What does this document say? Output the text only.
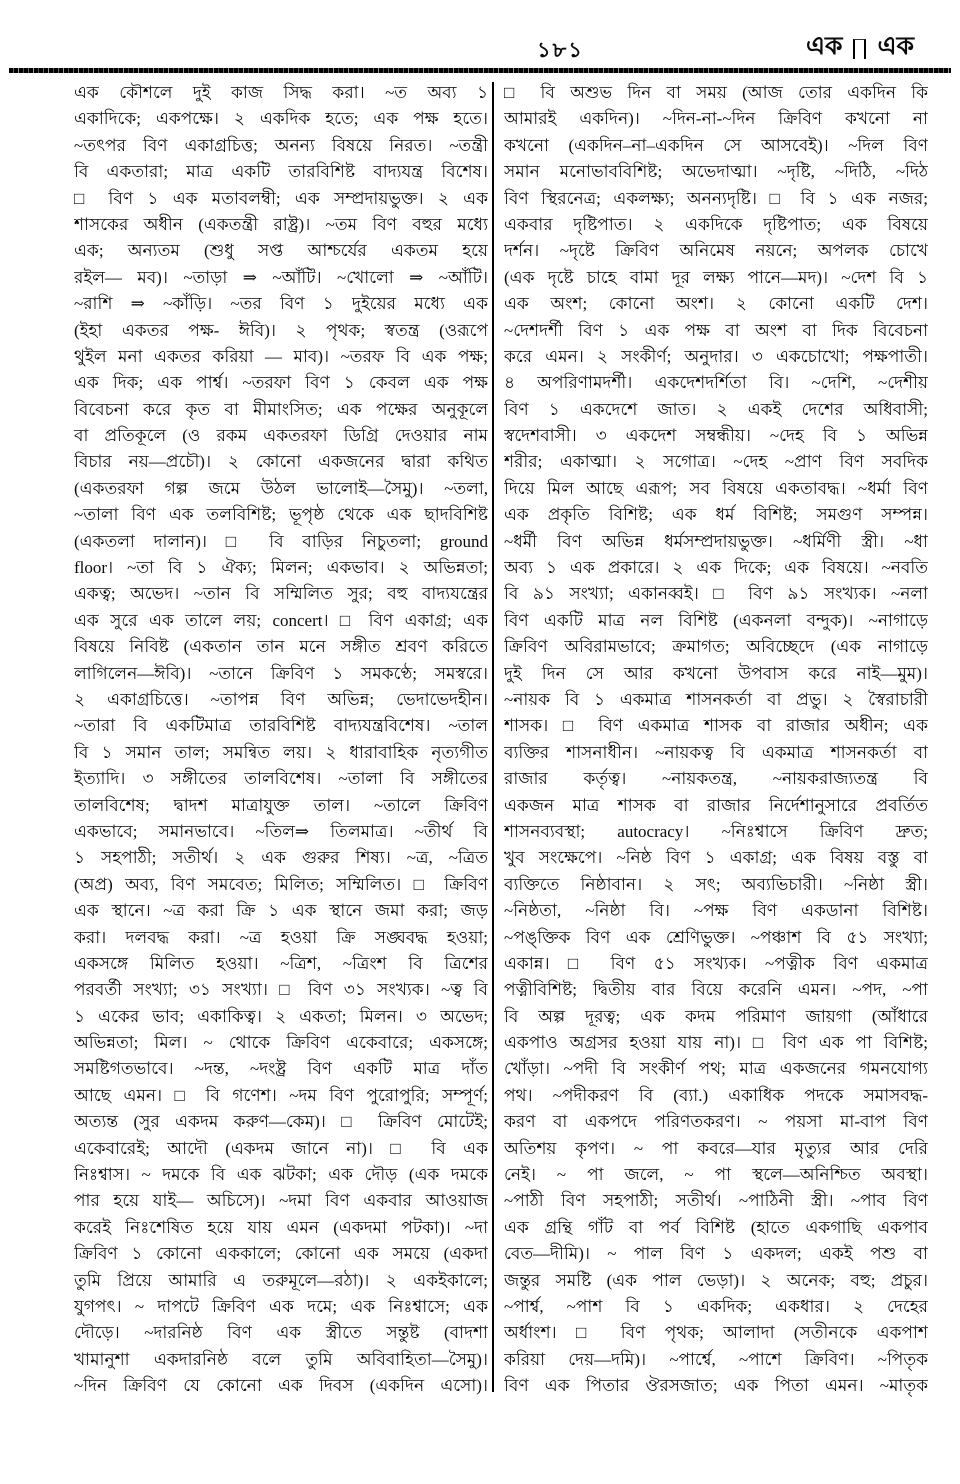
১৮১	এক এক
এক কৌশলে দুই কাজ সিদ্ধ করা। ~ত অব্য ১
একাদিকে; একপক্ষে। ২ একদিক হতে; এক পক্ষ হতে।
~তৎপর বিণ একাগ্রচিত্ত; অনন্য বিষয়ে নিরত। ~তন্ত্রী
বি একতারা; মাত্র একটি তারবিশিষ্ট বাদ্যযন্ত্র বিশেষ।
□ বিণ ১ এক মতাবলম্বী; এক সম্প্রদায়ভুক্ত। ২ এক
শাসকের অধীন (একতন্ত্রী রাষ্ট্র)। ~তম বিণ বহুর মধ্যে
এক; অন্যতম (শুধু সপ্ত আশ্চর্যের একতম হয়ে
রইল— মব)। ~তাড়া ⇒ ~আঁটি। ~খোলো ⇒ ~আঁটি।
~রাশি ⇒ ~কাঁড়ি। ~তর বিণ ১ দুইয়ের মধ্যে এক
(ইহা একতর পক্ষ- ঈবি)। ২ পৃথক; স্বতন্ত্র (ওরূপে
থুইল মনা একতর করিয়া — মাব)। ~তরফ বি এক পক্ষ;
এক দিক; এক পার্শ্ব। ~তরফা বিণ ১ কেবল এক পক্ষ
বিবেচনা করে কৃত বা মীমাংসিত; এক পক্ষের অনুকূলে
বা প্রতিকূলে (ও রকম একতরফা ডিগ্রি দেওয়ার নাম
বিচার নয়—প্রচৌ)। ২ কোনো একজনের দ্বারা কথিত
(একতরফা গল্প জমে উঠল ভালোই—সৈমু)। ~তলা,
~তালা বিণ এক তলবিশিষ্ট; ভূপৃষ্ঠ থেকে এক ছাদবিশিষ্ট
(একতলা দালান)। □ বি বাড়ির নিচুতলা; ground
floor। ~তা বি ১ ঐক্য; মিলন; একভাব। ২ অভিন্নতা;
একত্ব; অভেদ। ~তান বি সম্মিলিত সুর; বহু বাদ্যযন্ত্রের
এক সুরে এক তালে লয়; concert। □ বিণ একাগ্র; এক
বিষয়ে নিবিষ্ট (একতান তান মনে সঙ্গীত শ্রবণ করিতে
লাগিলেন—ঈবি)। ~তানে ক্রিবিণ ১ সমকণ্ঠে; সমস্বরে।
২ একাগ্রচিত্তে। ~তাপন্ন বিণ অভিন্ন; ভেদাভেদহীন।
~তারা বি একটিমাত্র তারবিশিষ্ট বাদ্যযন্ত্রবিশেষ। ~তাল
বি ১ সমান তাল; সমন্বিত লয়। ২ ধারাবাহিক নৃত্যগীত
ইত্যাদি। ৩ সঙ্গীতের তালবিশেষ। ~তালা বি সঙ্গীতের
তালবিশেষ; দ্বাদশ মাত্রাযুক্ত তাল। ~তালে ক্রিবিণ
একভাবে; সমানভাবে। ~তিল⇒ তিলমাত্র। ~তীর্থ বি
১ সহপাঠী; সতীর্থ। ২ এক গুরুর শিষ্য। ~ত্র, ~ত্রিত
(অপ্র) অব্য, বিণ সমবেত; মিলিত; সম্মিলিত। □ ক্রিবিণ
এক স্থানে। ~ত্র করা ক্রি ১ এক স্থানে জমা করা; জড়
করা। দলবদ্ধ করা। ~ত্র হওয়া ক্রি সঙ্ঘবদ্ধ হওয়া;
একসঙ্গে মিলিত হওয়া। ~ত্রিশ, ~ত্রিংশ বি ত্রিশের
পরবর্তী সংখ্যা; ৩১ সংখ্যা। □ বিণ ৩১ সংখ্যক। ~ত্ব বি
১ একের ভাব; একাকিত্ব। ২ একতা; মিলন। ৩ অভেদ;
অভিন্নতা; মিল। ~ থোকে ক্রিবিণ একেবারে; একসঙ্গে;
সমষ্টিগতভাবে। ~দন্ত, ~দংষ্ট্র বিণ একটি মাত্র দাঁত
আছে এমন। □ বি গণেশ। ~দম বিণ পুরোপুরি; সম্পূর্ণ;
অত্যন্ত (সুর একদম করুণ—কেম)। □ ক্রিবিণ মোটেই;
একেবারেই; আদৌ (একদম জানে না)। □ বি এক
নিঃশ্বাস। ~ দমকে বি এক ঝটকা; এক দৌড় (এক দমকে
পার হয়ে যাই— অচিসে)। ~দমা বিণ একবার আওয়াজ
করেই নিঃশেষিত হয়ে যায় এমন (একদমা পটকা)। ~দা
ক্রিবিণ ১ কোনো এককালে; কোনো এক সময়ে (একদা
তুমি প্রিয়ে আমারি এ তরুমূলে—রঠা)। ২ একইকালে;
যুগপৎ। ~ দাপটে ক্রিবিণ এক দমে; এক নিঃশ্বাসে; এক
দৌড়ে। ~দারনিষ্ঠ বিণ এক স্ত্রীতে সন্তুষ্ট (বাদশা
খামানুশা একদারনিষ্ঠ বলে তুমি অবিবাহিতা—সৈমু)।
~দিন ক্রিবিণ যে কোনো এক দিবস (একদিন এসো)।
□ বি অশুভ দিন বা সময় (আজ তোর একদিন কি
আমারই একদিন)। ~দিন-না-~দিন ক্রিবিণ কখনো না
কখনো (একদিন–না–একদিন সে আসবেই)। ~দিল বিণ
সমান মনোভাববিশিষ্ট; অভেদাত্মা। ~দৃষ্টি, ~দিঠি, ~দিঠ
বিণ স্থিরনেত্র; একলক্ষ্য; অনন্যদৃষ্টি। □ বি ১ এক নজর;
একবার দৃষ্টিপাত। ২ একদিকে দৃষ্টিপাত; এক বিষয়ে
দর্শন। ~দৃষ্টে ক্রিবিণ অনিমেষ নয়নে; অপলক চোখে
(এক দৃষ্টে চাহে বামা দূর লক্ষ্য পানে—মদ)। ~দেশ বি ১
এক অংশ; কোনো অংশ। ২ কোনো একটি দেশ।
~দেশদর্শী বিণ ১ এক পক্ষ বা অংশ বা দিক বিবেচনা
করে এমন। ২ সংকীর্ণ; অনুদার। ৩ একচোখো; পক্ষপাতী।
৪ অপরিণামদর্শী। একদেশদর্শিতা বি। ~দেশি, ~দেশীয়
বিণ ১ একদেশে জাত। ২ একই দেশের অধিবাসী;
স্বদেশবাসী। ৩ একদেশ সম্বন্ধীয়। ~দেহ বি ১ অভিন্ন
শরীর; একাত্মা। ২ সগোত্র। ~দেহ ~প্রাণ বিণ সবদিক
দিয়ে মিল আছে এরূপ; সব বিষয়ে একতাবদ্ধ। ~ধর্মা বিণ
এক প্রকৃতি বিশিষ্ট; এক ধর্ম বিশিষ্ট; সমগুণ সম্পন্ন।
~ধর্মী বিণ অভিন্ন ধর্মসম্প্রদায়ভুক্ত। ~ধর্মিণী স্ত্রী। ~ধা
অব্য ১ এক প্রকারে। ২ এক দিকে; এক বিষয়ে। ~নবতি
বি ৯১ সংখ্যা; একানব্বই। □ বিণ ৯১ সংখ্যক। ~নলা
বিণ একটি মাত্র নল বিশিষ্ট (একনলা বন্দুক)। ~নাগাড়ে
ক্রিবিণ অবিরামভাবে; ক্রমাগত; অবিচ্ছেদে (এক নাগাড়ে
দুই দিন সে আর কখনো উপবাস করে নাই—মুম)।
~নায়ক বি ১ একমাত্র শাসনকর্তা বা প্রভু। ২ স্বৈরাচারী
শাসক। □ বিণ একমাত্র শাসক বা রাজার অধীন; এক
ব্যক্তির শাসনাধীন। ~নায়কত্ব বি একমাত্র শাসনকর্তা বা
রাজার কর্তৃত্ব। ~নায়কতন্ত্র, ~নায়করাজ্যতন্ত্র বি
একজন মাত্র শাসক বা রাজার নির্দেশানুসারে প্রবর্তিত
শাসনব্যবস্থা; autocracy। ~নিঃশ্বাসে ক্রিবিণ দ্রুত;
খুব সংক্ষেপে। ~নিষ্ঠ বিণ ১ একাগ্র; এক বিষয় বস্তু বা
ব্যক্তিতে নিষ্ঠাবান। ২ সৎ; অব্যভিচারী। ~নিষ্ঠা স্ত্রী।
~নিষ্ঠতা, ~নিষ্ঠা বি। ~পক্ষ বিণ একডানা বিশিষ্ট।
~পঙ্‌ক্তিক বিণ এক শ্রেণিভুক্ত। ~পঞ্চাশ বি ৫১ সংখ্যা;
একান্ন। □ বিণ ৫১ সংখ্যক। ~পত্নীক বিণ একমাত্র
পত্নীবিশিষ্ট; দ্বিতীয় বার বিয়ে করেনি এমন। ~পদ, ~পা
বি অল্প দূরত্ব; এক কদম পরিমাণ জায়গা (আঁধারে
একপাও অগ্রসর হওয়া যায় না)। □ বিণ এক পা বিশিষ্ট;
খোঁড়া। ~পদী বি সংকীর্ণ পথ; মাত্র একজনের গমনযোগ্য
পথ। ~পদীকরণ বি (ব্যা.) একাধিক পদকে সমাসবদ্ধ-
করণ বা একপদে পরিণতকরণ। ~ পয়সা মা-বাপ বিণ
অতিশয় কৃপণ। ~ পা কবরে—যার মৃত্যুর আর দেরি
নেই। ~ পা জলে, ~ পা স্থলে—অনিশ্চিত অবস্থা।
~পাঠী বিণ সহপাঠী; সতীর্থ। ~পাঠিনী স্ত্রী। ~পাব বিণ
এক গ্রন্থি গাঁট বা পর্ব বিশিষ্ট (হাতে একগাছি একপাব
বেত—দীমি)। ~ পাল বিণ ১ একদল; একই পশু বা
জন্তুর সমষ্টি (এক পাল ভেড়া)। ২ অনেক; বহু; প্রচুর।
~পার্শ্ব, ~পাশ বি ১ একদিক; একধার। ২ দেহের
অর্ধাংশ। □ বিণ পৃথক; আলাদা (সতীনকে একপাশ
করিয়া দেয়—দমি)। ~পার্শ্বে, ~পাশে ক্রিবিণ। ~পিতৃক
বিণ এক পিতার ঔরসজাত; এক পিতা এমন। ~মাতৃক
